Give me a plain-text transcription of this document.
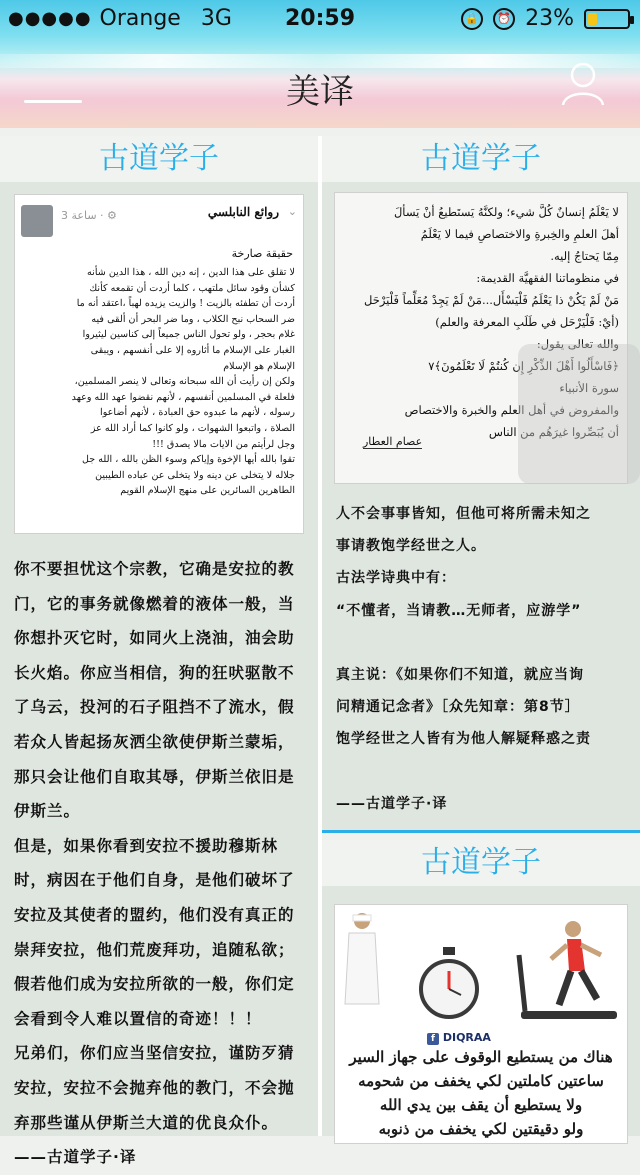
●●●●● Orange 3G	20:59	🔒	⏰ 23%
美译
古道学子
3 ساعة · ⚙	روائع النابلسي ⌄
حقيقة صارخة
لا تقلق على هذا الدين ، إنه دين الله ، هذا الدين شأنه
كشأن وقود سائل ملتهب ، كلما أردت أن تقمعه كأنك
أردت أن تطفئه بالزيت ! والزيت يزيده لهباً ،اعتقد أنه ما
ضر السحاب نبح الكلاب ، وما ضر البحر أن ألقى فيه
غلام بحجر ، ولو تحول الناس جميعاً إلى كناسين ليثيروا
الغبار على الإسلام ما أثاروه إلا على أنفسهم ، ويبقى
الإسلام هو الإسلام
ولكن إن رأيت أن الله سبحانه وتعالى لا ينصر المسلمين،
فلعلة في المسلمين أنفسهم ، لأنهم نقضوا عهد الله وعهد
رسوله ، لأنهم ما عبدوه حق العبادة ، لأنهم أضاعوا
الصلاة ، واتبعوا الشهوات ، ولو كانوا كما أراد الله عز
وجل لرأيتم من الايات مالا يصدق !!!
تقوا بالله أيها الإخوة وإياكم وسوء الظن بالله ، الله جل
جلاله لا يتخلى عن دينه ولا يتخلى عن عباده الطيبين
الطاهرين السائرين على منهج الإسلام القويم
你不要担忧这个宗教，它确是安拉的教
门，它的事务就像燃着的液体一般，当
你想扑灭它时，如同火上浇油，油会助
长火焰。你应当相信，狗的狂吠驱散不
了乌云，投河的石子阻挡不了流水，假
若众人皆起扬灰洒尘欲使伊斯兰蒙垢，
那只会让他们自取其辱，伊斯兰依旧是
伊斯兰。
但是，如果你看到安拉不援助穆斯林
时，病因在于他们自身，是他们破坏了
安拉及其使者的盟约，他们没有真正的
崇拜安拉，他们荒废拜功，追随私欲；
假若他们成为安拉所欲的一般，你们定
会看到令人难以置信的奇迹！！！
兄弟们，你们应当坚信安拉，谨防歹猜
安拉，安拉不会抛弃他的教门，不会抛
弃那些谨从伊斯兰大道的优良众仆。
——古道学子·译
古道学子
لا يَعْلَمُ إنسانٌ كُلَّ شيء؛ ولكنَّهُ يَستَطيعُ أنْ يَسألَ
أهلَ العلمِ والخِبرةِ والاختصاصِ فيما لا يَعْلَمُ
مِمّا يَحتاجُ إليه.
في منظوماتنا الفقهيَّة القديمة:
مَنْ لَمْ يَكُنْ ذا يَعْلَمُ فَلْيَسْأَل...مَنْ لَمْ يَجِدْ مُعَلِّماً فَلْيَرْحَل
(أيْ: فَلْيَرْحَل في طَلَبِ المعرفة والعلم)
والله تعالى يقول:
﴿فَاسْأَلُوا أَهْلَ الذِّكْرِ إِن كُنتُمْ لَا تَعْلَمُونَ﴾٧
سورة الأنبياء
والمفروض في أهل العلم والخبرة والاختصاص
أن يُبَصِّروا غيرَهُم من الناس
عصام العطار
人不会事事皆知，但他可将所需未知之
事请教饱学经世之人。
古法学诗典中有：
“不懂者，当请教…无师者，应游学”

真主说：《如果你们不知道，就应当询
问精通记念者》［众先知章：第8节］
饱学经世之人皆有为他人解疑释惑之责

——古道学子·译
古道学子
f DIQRAA
هناك من يستطيع الوقوف على جهاز السير
ساعتين كاملتين لكي يخفف من شحومه
ولا يستطيع أن يقف بين يدي الله
ولو دقيقتين لكي يخفف من ذنوبه
